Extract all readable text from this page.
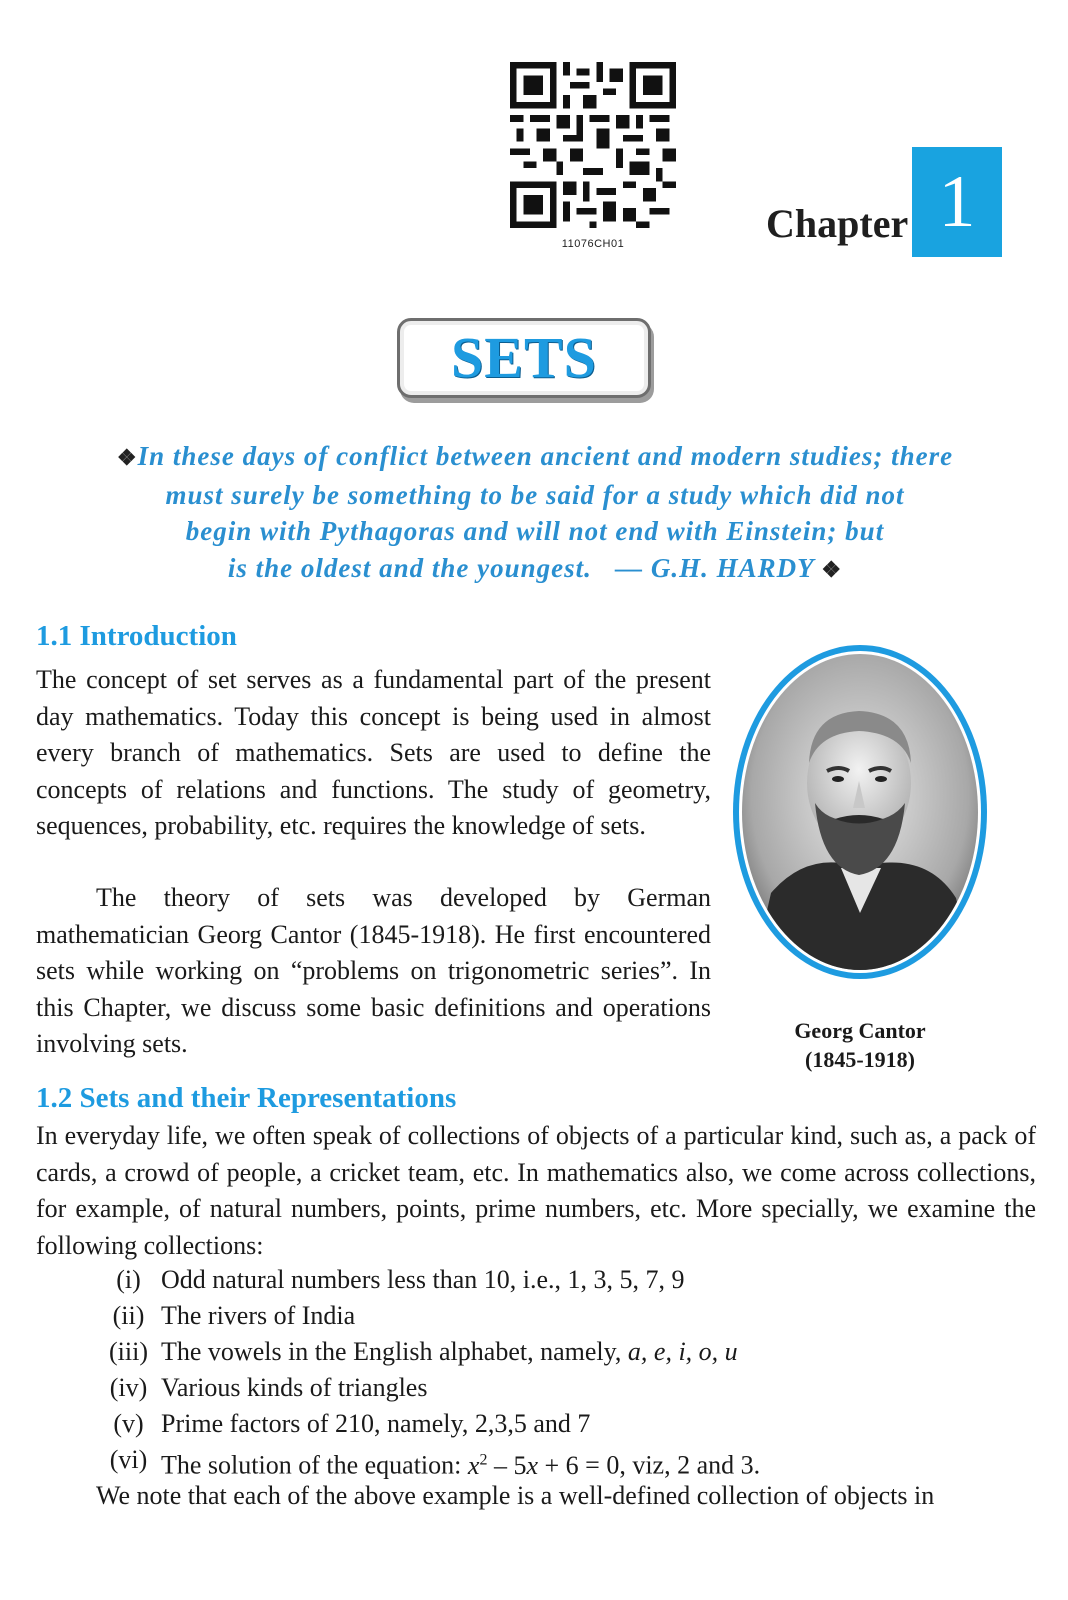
11076CH01	Chapter 1
SETS
❖In these days of conflict between ancient and modern studies; there
must surely be something to be said for a study which did not
begin with Pythagoras and will not end with Einstein; but
is the oldest and the youngest. — G.H. HARDY ❖
1.1 Introduction
The concept of set serves as a fundamental part of the present day mathematics. Today this concept is being used in almost every branch of mathematics. Sets are used to define the concepts of relations and functions. The study of geometry, sequences, probability, etc. requires the knowledge of sets.
The theory of sets was developed by German mathematician Georg Cantor (1845-1918). He first encountered sets while working on “problems on trigonometric series”. In this Chapter, we discuss some basic definitions and operations involving sets.	Georg Cantor
(1845-1918)
1.2 Sets and their Representations
In everyday life, we often speak of collections of objects of a particular kind, such as, a pack of cards, a crowd of people, a cricket team, etc. In mathematics also, we come across collections, for example, of natural numbers, points, prime numbers, etc. More specially, we examine the following collections:
(i) Odd natural numbers less than 10, i.e., 1, 3, 5, 7, 9
(ii) The rivers of India
(iii) The vowels in the English alphabet, namely, a, e, i, o, u
(iv) Various kinds of triangles
(v) Prime factors of 210, namely, 2,3,5 and 7
(vi) The solution of the equation: $x^2 - 5x + 6 = 0$, viz, 2 and 3.
We note that each of the above example is a well-defined collection of objects in
